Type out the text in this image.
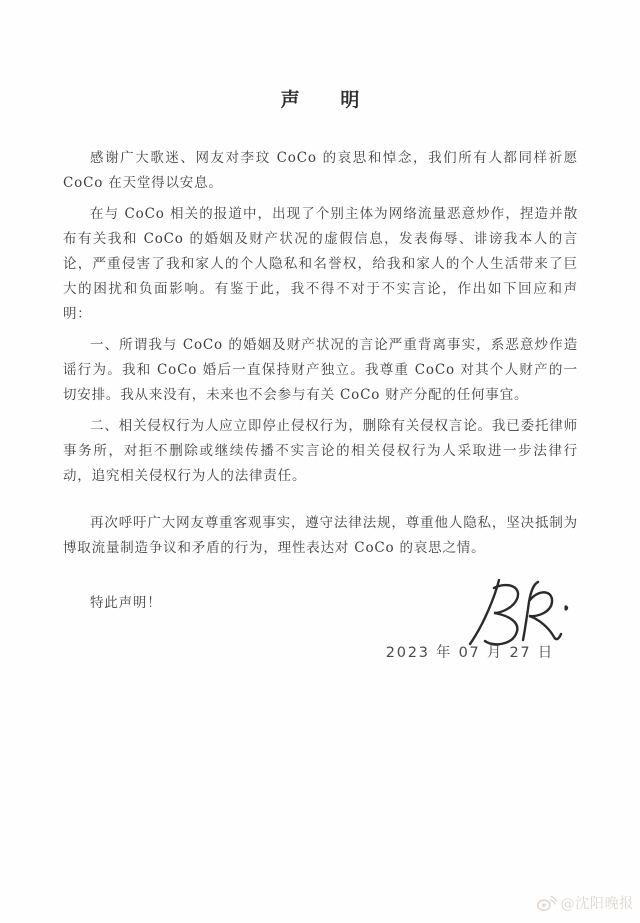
声 明

感谢广大歌迷、网友对李玟 CoCo 的哀思和悼念，我们所有人都同样祈愿 CoCo 在天堂得以安息。

在与 CoCo 相关的报道中，出现了个别主体为网络流量恶意炒作，捏造并散布有关我和 CoCo 的婚姻及财产状况的虚假信息，发表侮辱、诽谤我本人的言论，严重侵害了我和家人的个人隐私和名誉权，给我和家人的个人生活带来了巨大的困扰和负面影响。有鉴于此，我不得不对于不实言论，作出如下回应和声明：

一、所谓我与 CoCo 的婚姻及财产状况的言论严重背离事实，系恶意炒作造谣行为。我和 CoCo 婚后一直保持财产独立。我尊重 CoCo 对其个人财产的一切安排。我从来没有，未来也不会参与有关 CoCo 财产分配的任何事宜。

二、相关侵权行为人应立即停止侵权行为，删除有关侵权言论。我已委托律师事务所，对拒不删除或继续传播不实言论的相关侵权行为人采取进一步法律行动，追究相关侵权行为人的法律责任。

再次呼吁广大网友尊重客观事实，遵守法律法规，尊重他人隐私，坚决抵制为博取流量制造争议和矛盾的行为，理性表达对 CoCo 的哀思之情。

特此声明！

2023 年 07 月 27 日
@沈阳晚报
